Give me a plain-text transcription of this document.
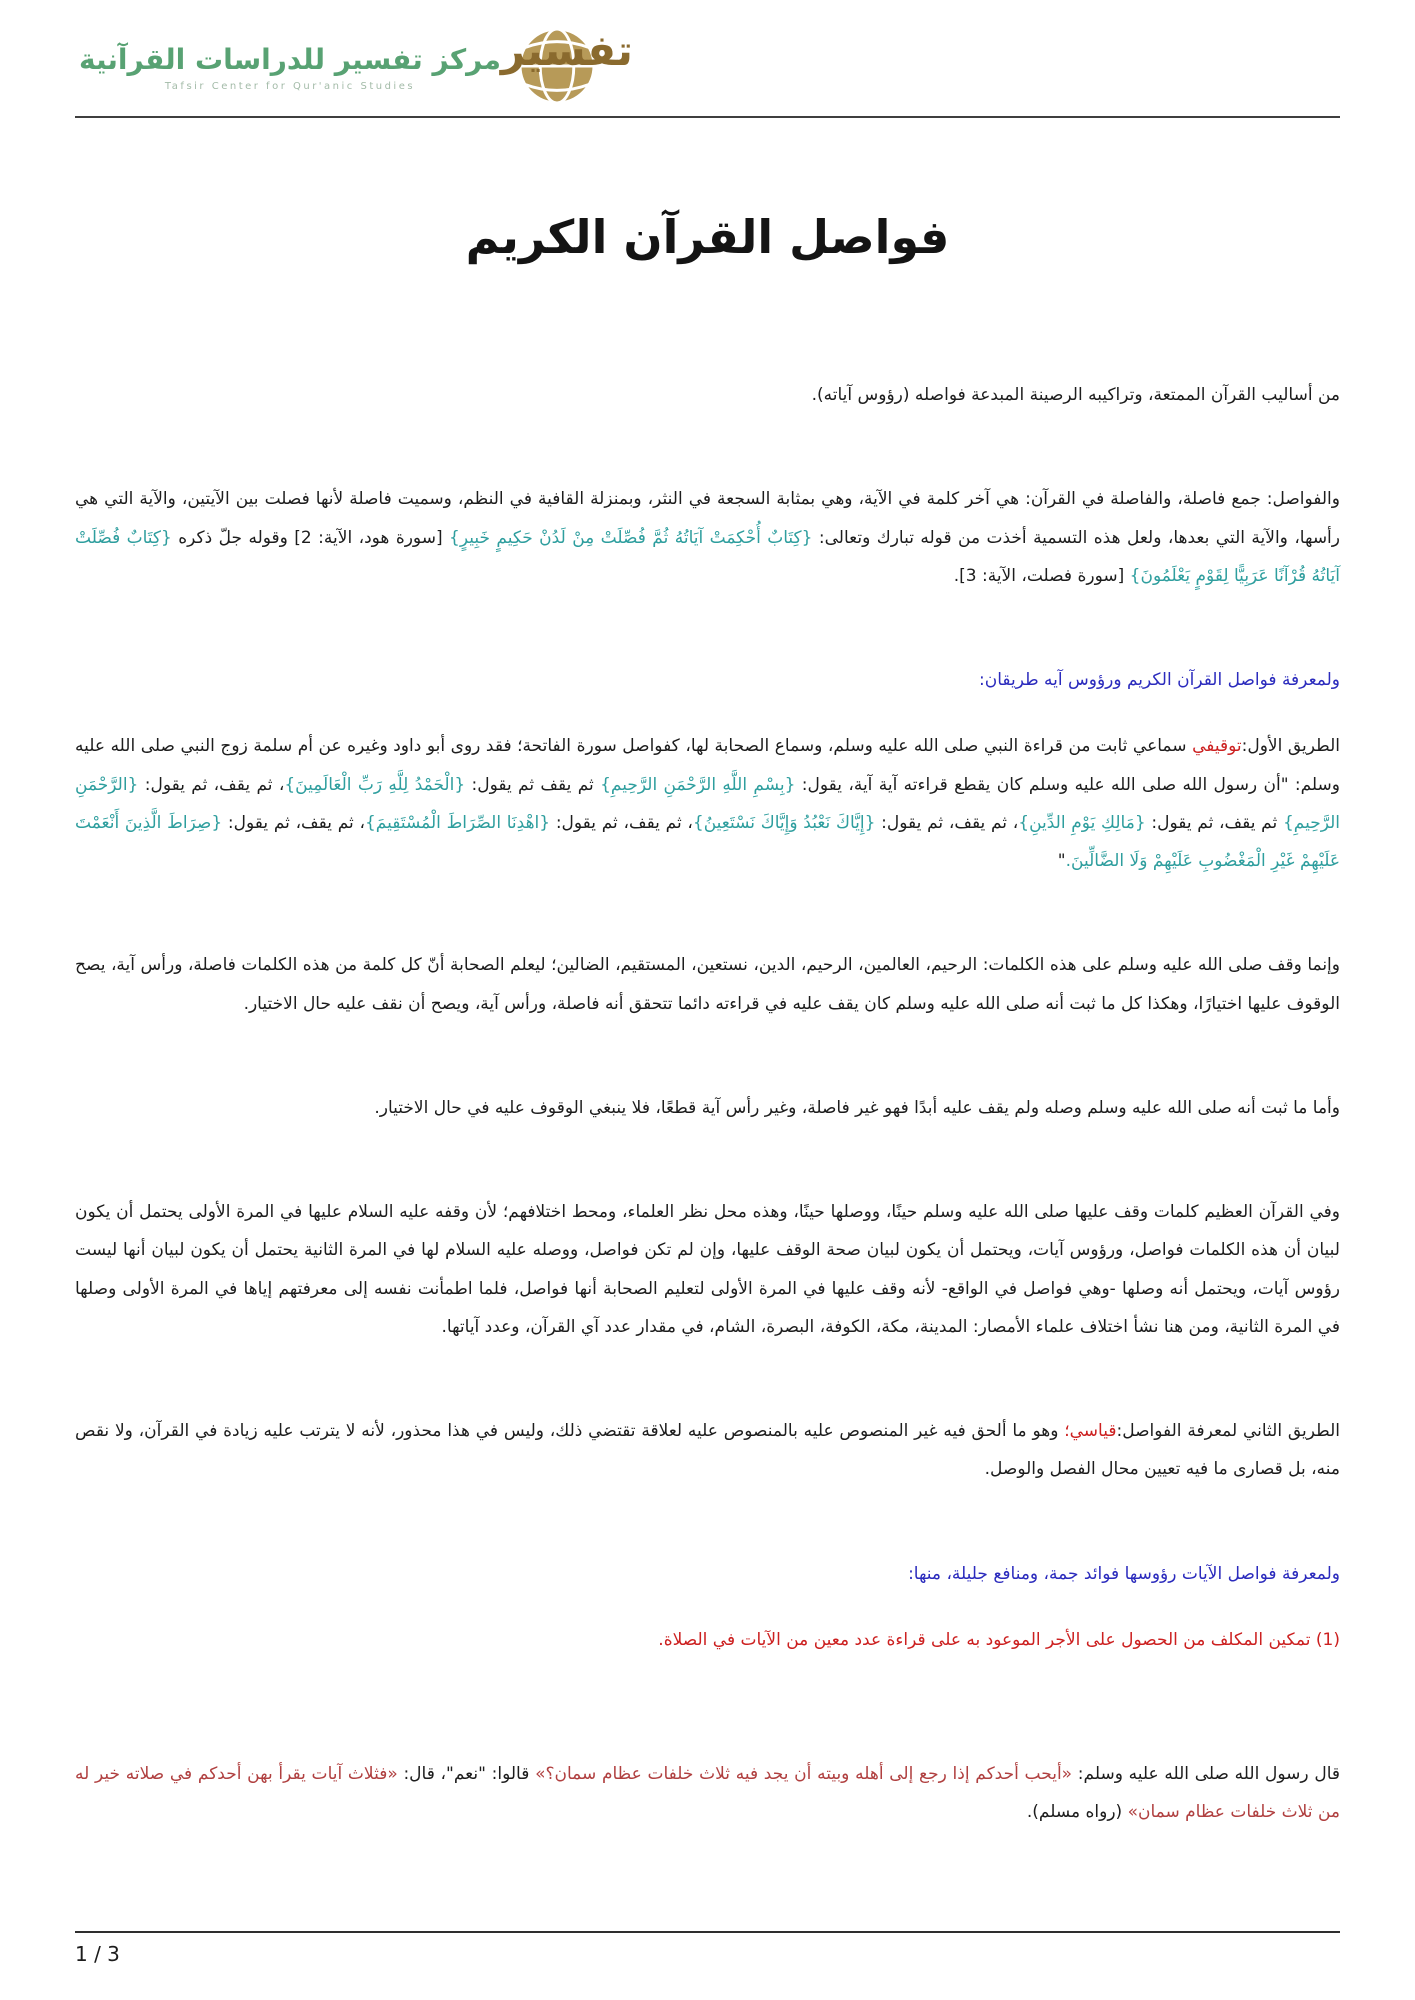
مركز تفسير للدراسات القرآنية
Tafsir Center for Qur'anic Studies
تفسير
فواصل القرآن الكريم

من أساليب القرآن الممتعة، وتراكيبه الرصينة المبدعة فواصله (رؤوس آياته).

والفواصل: جمع فاصلة، والفاصلة في القرآن: هي آخر كلمة في الآية، وهي بمثابة السجعة في النثر، وبمنزلة القافية في النظم، وسميت فاصلة لأنها فصلت بين الآيتين، والآية التي هي رأسها، والآية التي بعدها، ولعل هذه التسمية أخذت من قوله تبارك وتعالى: {كِتَابٌ أُحْكِمَتْ آيَاتُهُ ثُمَّ فُصِّلَتْ مِنْ لَدُنْ حَكِيمٍ خَبِيرٍ} [سورة هود، الآية: 2] وقوله جلّ ذكره {كِتَابٌ فُصِّلَتْ آيَاتُهُ قُرْآنًا عَرَبِيًّا لِقَوْمٍ يَعْلَمُونَ} [سورة فصلت، الآية: 3].

ولمعرفة فواصل القرآن الكريم ورؤوس آيه طريقان:

الطريق الأول:توقيفي سماعي ثابت من قراءة النبي صلى الله عليه وسلم، وسماع الصحابة لها، كفواصل سورة الفاتحة؛ فقد روى أبو داود وغيره عن أم سلمة زوج النبي صلى الله عليه وسلم: "أن رسول الله صلى الله عليه وسلم كان يقطع قراءته آية آية، يقول: {بِسْمِ اللَّهِ الرَّحْمَنِ الرَّحِيمِ} ثم يقف ثم يقول: {الْحَمْدُ لِلَّهِ رَبِّ الْعَالَمِينَ}، ثم يقف، ثم يقول: {الرَّحْمَنِ الرَّحِيمِ} ثم يقف، ثم يقول: {مَالِكِ يَوْمِ الدِّينِ}، ثم يقف، ثم يقول: {إِيَّاكَ نَعْبُدُ وَإِيَّاكَ نَسْتَعِينُ}، ثم يقف، ثم يقول: {اهْدِنَا الصِّرَاطَ الْمُسْتَقِيمَ}، ثم يقف، ثم يقول: {صِرَاطَ الَّذِينَ أَنْعَمْتَ عَلَيْهِمْ غَيْرِ الْمَغْضُوبِ عَلَيْهِمْ وَلَا الضَّالِّينَ."

وإنما وقف صلى الله عليه وسلم على هذه الكلمات: الرحيم، العالمين، الرحيم، الدين، نستعين، المستقيم، الضالين؛ ليعلم الصحابة أنّ كل كلمة من هذه الكلمات فاصلة، ورأس آية، يصح الوقوف عليها اختيارًا، وهكذا كل ما ثبت أنه صلى الله عليه وسلم كان يقف عليه في قراءته دائما تتحقق أنه فاصلة، ورأس آية، ويصح أن نقف عليه حال الاختيار.

وأما ما ثبت أنه صلى الله عليه وسلم وصله ولم يقف عليه أبدًا فهو غير فاصلة، وغير رأس آية قطعًا، فلا ينبغي الوقوف عليه في حال الاختيار.

وفي القرآن العظيم كلمات وقف عليها صلى الله عليه وسلم حينًا، ووصلها حينًا، وهذه محل نظر العلماء، ومحط اختلافهم؛ لأن وقفه عليه السلام عليها في المرة الأولى يحتمل أن يكون لبيان أن هذه الكلمات فواصل، ورؤوس آيات، ويحتمل أن يكون لبيان صحة الوقف عليها، وإن لم تكن فواصل، ووصله عليه السلام لها في المرة الثانية يحتمل أن يكون لبيان أنها ليست رؤوس آيات، ويحتمل أنه وصلها -وهي فواصل في الواقع- لأنه وقف عليها في المرة الأولى لتعليم الصحابة أنها فواصل، فلما اطمأنت نفسه إلى معرفتهم إياها في المرة الأولى وصلها في المرة الثانية، ومن هنا نشأ اختلاف علماء الأمصار: المدينة، مكة، الكوفة، البصرة، الشام، في مقدار عدد آي القرآن، وعدد آياتها.

الطريق الثاني لمعرفة الفواصل:قياسي؛ وهو ما ألحق فيه غير المنصوص عليه بالمنصوص عليه لعلاقة تقتضي ذلك، وليس في هذا محذور، لأنه لا يترتب عليه زيادة في القرآن، ولا نقص منه، بل قصارى ما فيه تعيين محال الفصل والوصل.

ولمعرفة فواصل الآيات رؤوسها فوائد جمة، ومنافع جليلة، منها:

(1) تمكين المكلف من الحصول على الأجر الموعود به على قراءة عدد معين من الآيات في الصلاة.

قال رسول الله صلى الله عليه وسلم: «أيحب أحدكم إذا رجع إلى أهله وبيته أن يجد فيه ثلاث خلفات عظام سمان؟» قالوا: "نعم"، قال: «فثلاث آيات يقرأ بهن أحدكم في صلاته خير له من ثلاث خلفات عظام سمان» (رواه مسلم).

1 / 3
